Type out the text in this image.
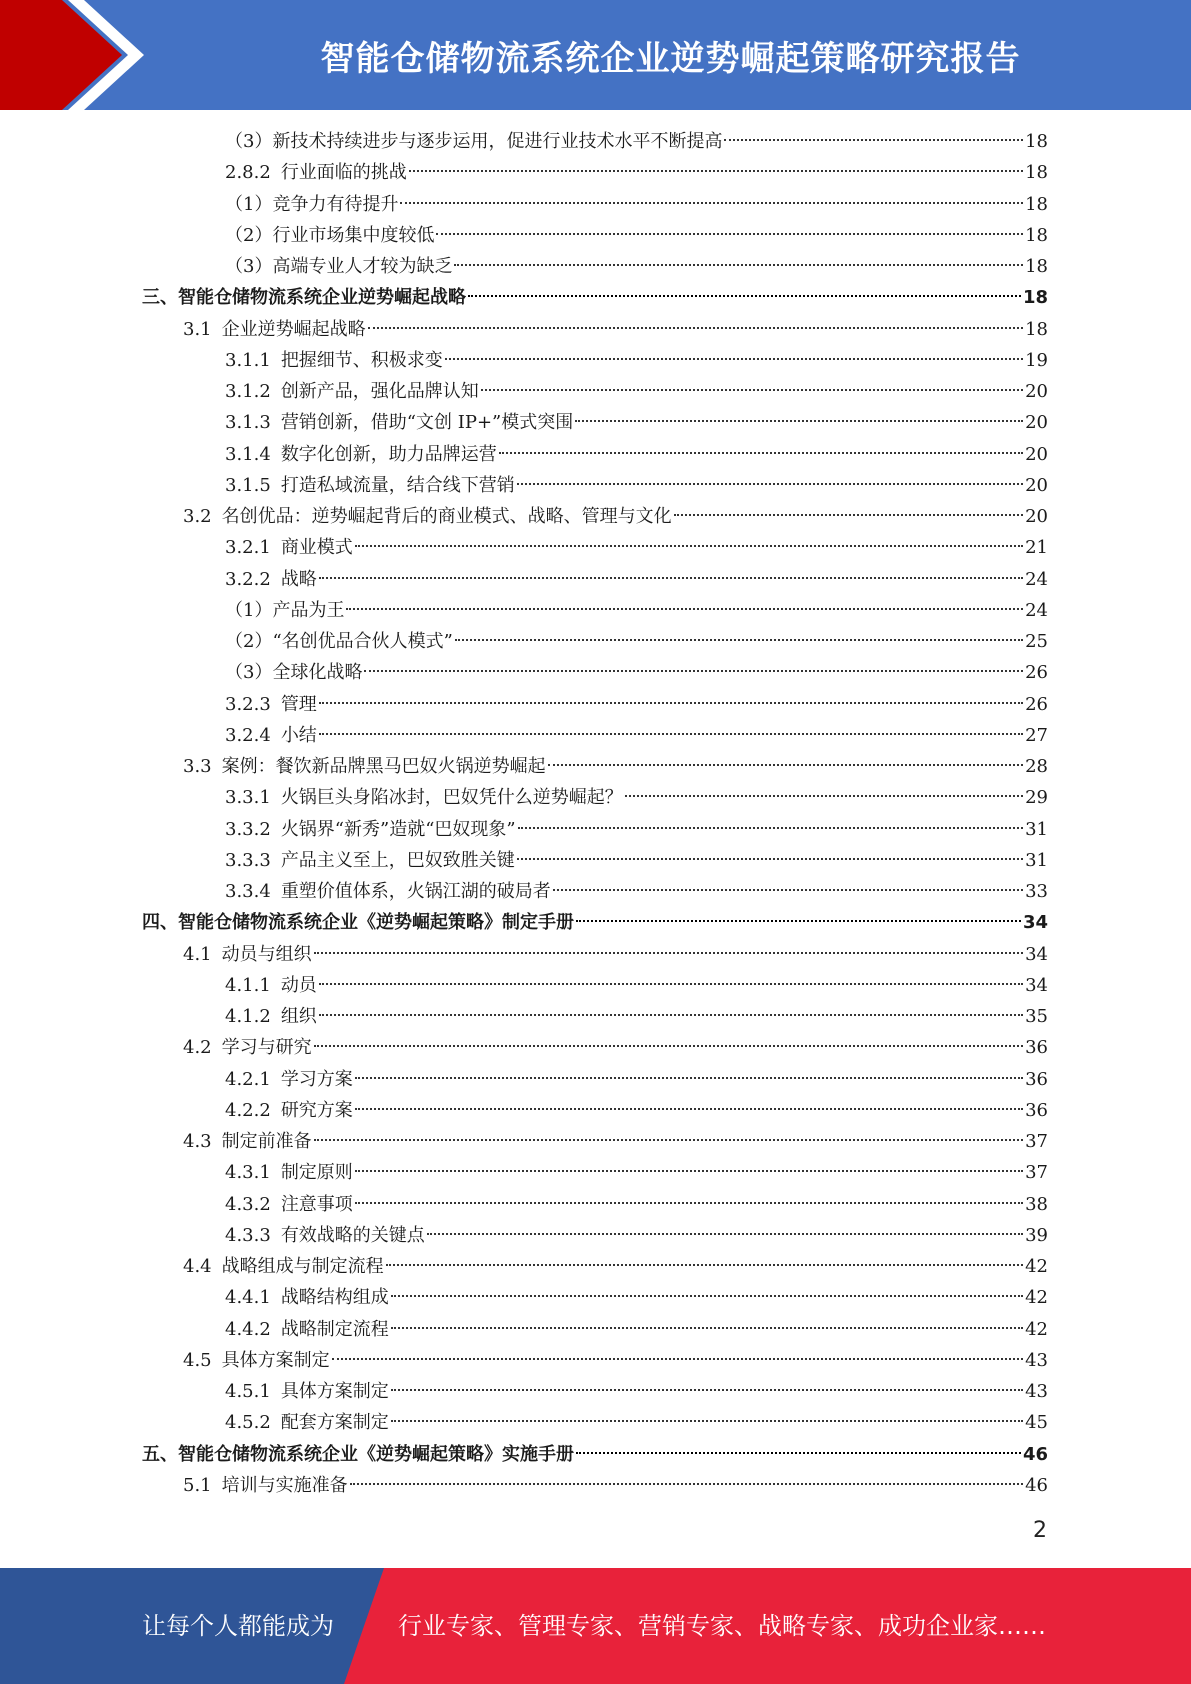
智能仓储物流系统企业逆势崛起策略研究报告
（3） 新技术持续进步与逐步运用，促进行业技术水平不断提高	18
2.8.2 行业面临的挑战	18
（1） 竞争力有待提升	18
（2） 行业市场集中度较低	18
（3） 高端专业人才较为缺乏	18
三、 智能仓储物流系统企业逆势崛起战略	18
3.1 企业逆势崛起战略	18
3.1.1 把握细节、积极求变	19
3.1.2 创新产品，强化品牌认知	20
3.1.3 营销创新，借助“文创 IP+”模式突围	20
3.1.4 数字化创新，助力品牌运营	20
3.1.5 打造私域流量，结合线下营销	20
3.2 名创优品：逆势崛起背后的商业模式、战略、管理与文化	20
3.2.1 商业模式	21
3.2.2 战略	24
（1） 产品为王	24
（2） “名创优品合伙人模式”	25
（3） 全球化战略	26
3.2.3 管理	26
3.2.4 小结	27
3.3 案例：餐饮新品牌黑马巴奴火锅逆势崛起	28
3.3.1 火锅巨头身陷冰封，巴奴凭什么逆势崛起？	29
3.3.2 火锅界“新秀”造就“巴奴现象”	31
3.3.3 产品主义至上，巴奴致胜关键	31
3.3.4 重塑价值体系，火锅江湖的破局者	33
四、 智能仓储物流系统企业《逆势崛起策略》制定手册	34
4.1 动员与组织	34
4.1.1 动员	34
4.1.2 组织	35
4.2 学习与研究	36
4.2.1 学习方案	36
4.2.2 研究方案	36
4.3 制定前准备	37
4.3.1 制定原则	37
4.3.2 注意事项	38
4.3.3 有效战略的关键点	39
4.4 战略组成与制定流程	42
4.4.1 战略结构组成	42
4.4.2 战略制定流程	42
4.5 具体方案制定	43
4.5.1 具体方案制定	43
4.5.2 配套方案制定	45
五、 智能仓储物流系统企业《逆势崛起策略》实施手册	46
5.1 培训与实施准备	46
2
让每个人都能成为	行业专家、管理专家、营销专家、战略专家、成功企业家……
